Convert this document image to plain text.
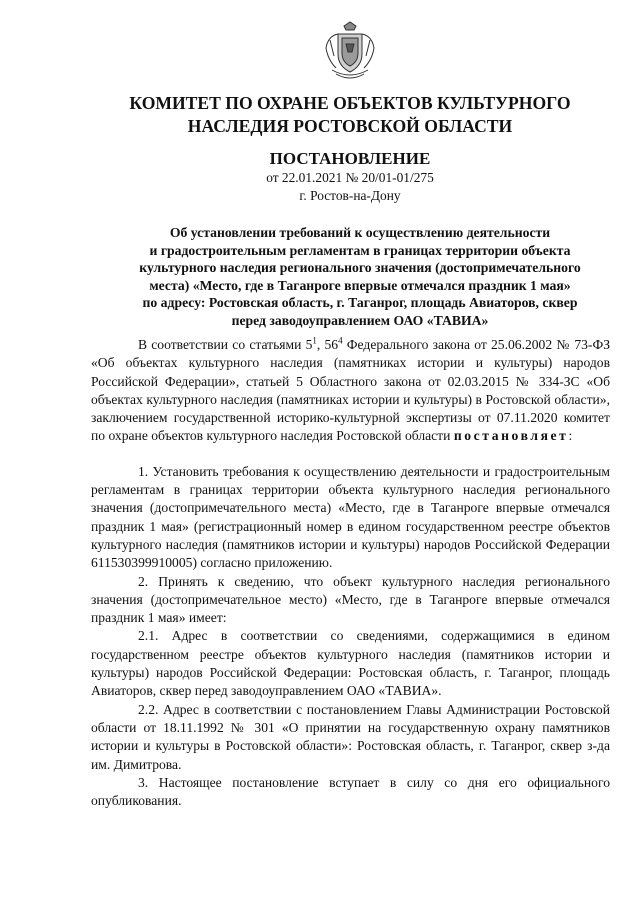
КОМИТЕТ ПО ОХРАНЕ ОБЪЕКТОВ КУЛЬТУРНОГО
НАСЛЕДИЯ РОСТОВСКОЙ ОБЛАСТИ
ПОСТАНОВЛЕНИЕ
от 22.01.2021 № 20/01-01/275
г. Ростов-на-Дону
Об установлении требований к осуществлению деятельности
и градостроительным регламентам в границах территории объекта
культурного наследия регионального значения (достопримечательного
места) «Место, где в Таганроге впервые отмечался праздник 1 мая»
по адресу: Ростовская область, г. Таганрог, площадь Авиаторов, сквер
перед заводоуправлением ОАО «ТАВИА»

В соответствии со статьями $5^1$, $56^4$ Федерального закона от 25.06.2002 № 73-ФЗ «Об объектах культурного наследия (памятниках истории и культуры) народов Российской Федерации», статьей 5 Областного закона от 02.03.2015 № 334-ЗС «Об объектах культурного наследия (памятниках истории и культуры) в Ростовской области», заключением государственной историко-культурной экспертизы от 07.11.2020 комитет по охране объектов культурного наследия Ростовской области постановляет:

1. Установить требования к осуществлению деятельности и градостроительным регламентам в границах территории объекта культурного наследия регионального значения (достопримечательного места) «Место, где в Таганроге впервые отмечался праздник 1 мая» (регистрационный номер в едином государственном реестре объектов культурного наследия (памятников истории и культуры) народов Российской Федерации 611530399910005) согласно приложению.

2. Принять к сведению, что объект культурного наследия регионального значения (достопримечательное место) «Место, где в Таганроге впервые отмечался праздник 1 мая» имеет:

2.1. Адрес в соответствии со сведениями, содержащимися в едином государственном реестре объектов культурного наследия (памятников истории и культуры) народов Российской Федерации: Ростовская область, г. Таганрог, площадь Авиаторов, сквер перед заводоуправлением ОАО «ТАВИА».

2.2. Адрес в соответствии с постановлением Главы Администрации Ростовской области от 18.11.1992 № 301 «О принятии на государственную охрану памятников истории и культуры в Ростовской области»: Ростовская область, г. Таганрог, сквер з-да им. Димитрова.

3. Настоящее постановление вступает в силу со дня его официального опубликования.
